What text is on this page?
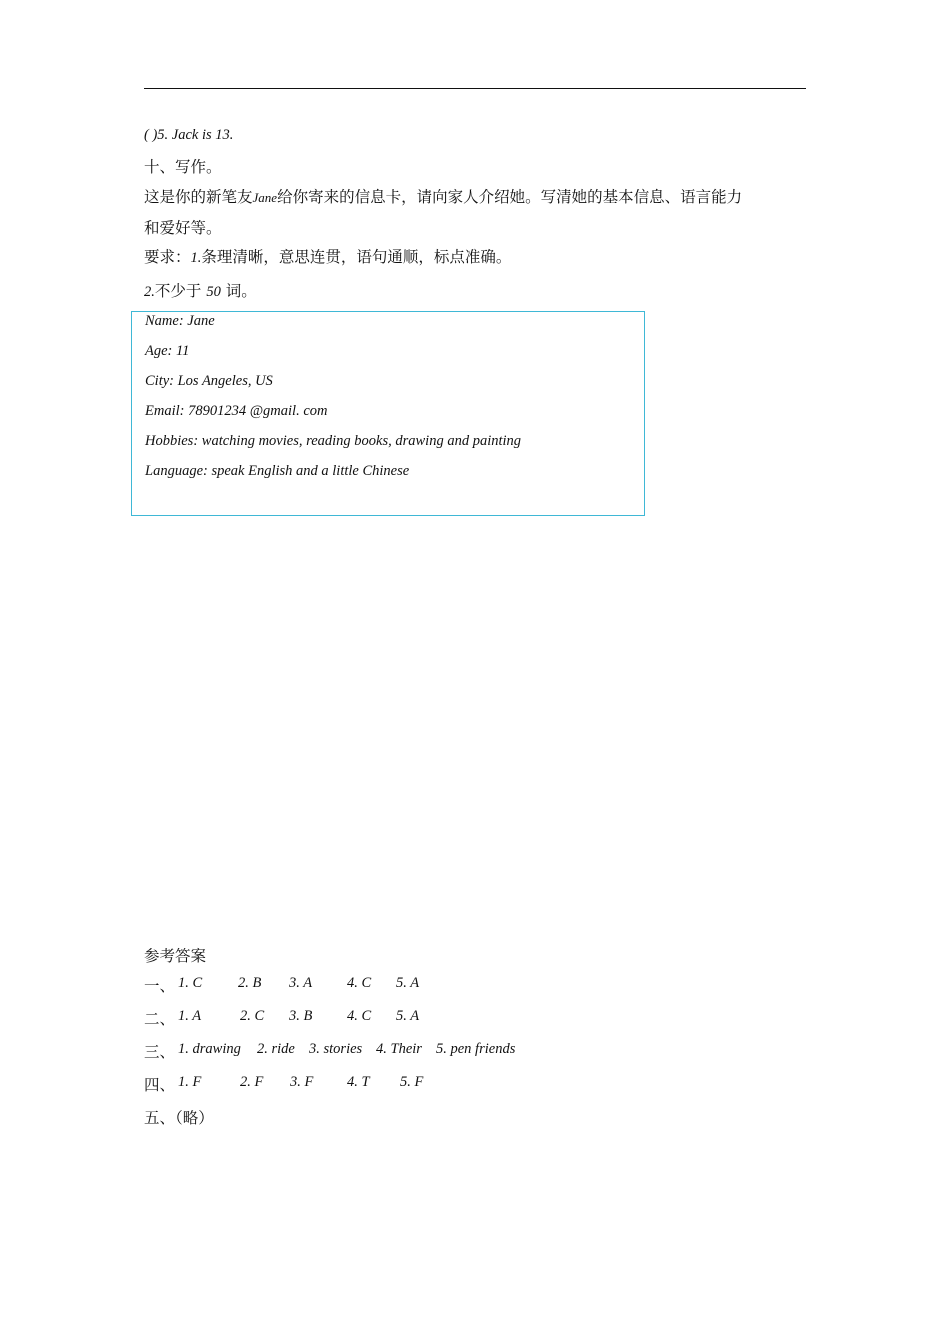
( )5. Jack is 13.
十、写作。
这是你的新笔友Jane给你寄来的信息卡，请向家人介绍她。写清她的基本信息、语言能力
和爱好等。
要求：1.条理清晰，意思连贯，语句通顺，标点准确。
2.不少于 50 词。
Name: Jane
Age: 11
City: Los Angeles, US
Email: 78901234 @gmail. com
Hobbies: watching movies, reading books, drawing and painting
Language: speak English and a little Chinese
参考答案
一、 1. C 2. B 3. A 4. C 5. A
二、 1. A	2. C 3. B 4. C 5. A
三、 1. drawing 2. ride 3. stories 4. Their 5. pen friends
四、 1. F	2. F 3. F 4. T 5. F
五、（略）
